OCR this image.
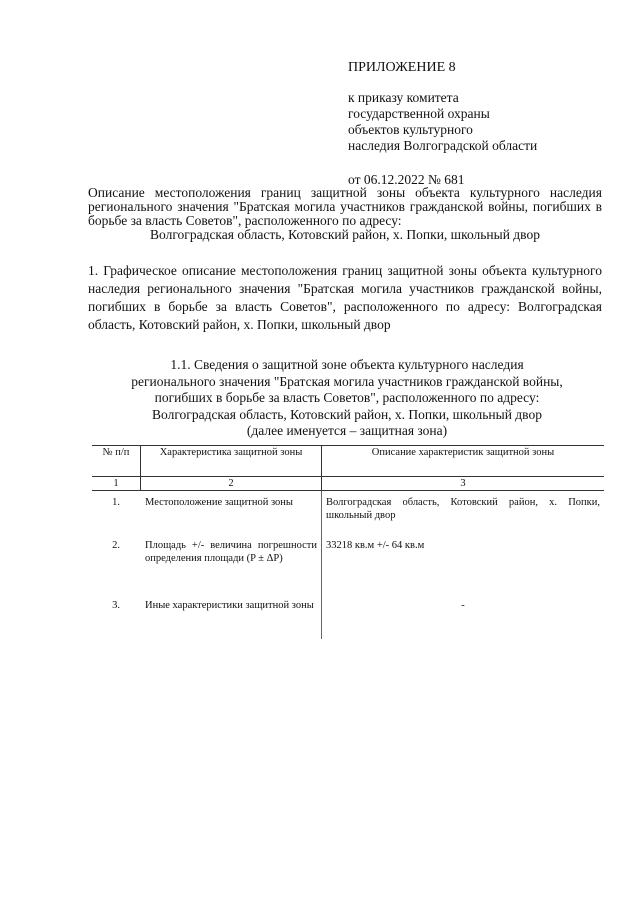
ПРИЛОЖЕНИЕ 8
к приказу комитета
государственной охраны
объектов культурного
наследия Волгоградской области
от 06.12.2022 № 681
Описание местоположения границ защитной зоны объекта культурного наследия регионального значения "Братская могила участников гражданской войны, погибших в борьбе за власть Советов", расположенного по адресу:
Волгоградская область, Котовский район, х. Попки, школьный двор
1. Графическое описание местоположения границ защитной зоны объекта культурного наследия регионального значения "Братская могила участников гражданской войны, погибших в борьбе за власть Советов", расположенного по адресу: Волгоградская область, Котовский район, х. Попки, школьный двор
1.1. Сведения о защитной зоне объекта культурного наследия
регионального значения "Братская могила участников гражданской войны,
погибших в борьбе за власть Советов", расположенного по адресу:
Волгоградская область, Котовский район, х. Попки, школьный двор
(далее именуется – защитная зона)
№ п/п	Характеристика защитной зоны	Описание характеристик защитной зоны
1	2	3
1.	Местоположение защитной зоны	Волгоградская область, Котовский район, х. Попки, школьный двор
2.	Площадь +/- величина погрешности определения площади (P ± ΔP)	33218 кв.м +/- 64 кв.м
3.	Иные характеристики защитной зоны	-
